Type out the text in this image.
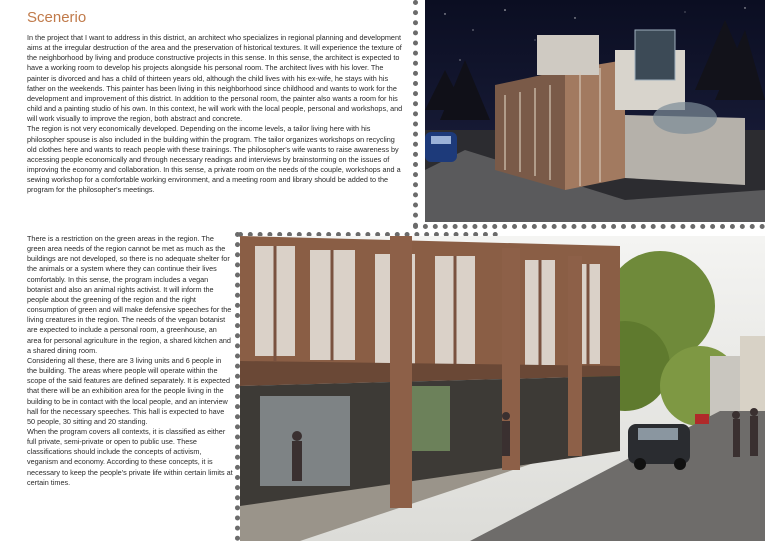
Scenerio

In the project that I want to address in this district, an architect who specializes in regional planning and development aims at the irregular destruction of the area and the preservation of historical textures. It will experience the texture of the neighborhood by living and produce constructive projects in this sense. In this sense, the architect is expected to have a working room to develop his projects alongside his personal room. The architect lives with his lover. The painter is divorced and has a child of thirteen years old, although the child lives with his ex-wife, he stays with his father on the weekends. This painter has been living in this neighborhood since childhood and wants to work for the development and improvement of this district. In addition to the personal room, the painter also wants a room for his child and a painting studio of his own. In this context, he will work with the local people, personal and workshops, and will work visually to improve the region, both abstract and concrete.
The region is not very economically developed. Depending on the income levels, a tailor living here with his philosopher spouse is also included in the building within the program. The tailor organizes workshops on recycling old clothes here and wants to reach people with these trainings. The philosopher's wife wants to raise awareness by accessing people economically and through necessary readings and interviews by brainstorming on the issues of improving the economy and collaboration. In this sense, a private room on the needs of the couple, workshops and a sewing workshop for a comfortable working environment, and a meeting room and library should be added to the program for the philosopher's meetings.

There is a restriction on the green areas in the region. The green area needs of the region cannot be met as much as the buildings are not developed, so there is no adequate shelter for the animals or a system where they can continue their lives comfortably. In this sense, the program includes a vegan botanist and also an animal rights activist. It will inform the people about the greening of the region and the right consumption of green and will make defensive speeches for the living creatures in the region. The needs of the vegan botanist are expected to include a personal room, a greenhouse, an area for personal agriculture in the region, a shared kitchen and a shared dining room.
Considering all these, there are 3 living units and 6 people in the building. The areas where people will operate within the scope of the said features are defined separately. It is expected that there will be an exhibition area for the people living in the building to be in contact with the local people, and an interview hall for the necessary speeches. This hall is expected to have 50 people, 30 sitting and 20 standing.
When the program covers all contexts, it is classified as either full private, semi-private or open to public use. These classifications should include the concepts of activism, veganism and economy. According to these concepts, it is necessary to keep the people's private life within certain limits at certain times.
